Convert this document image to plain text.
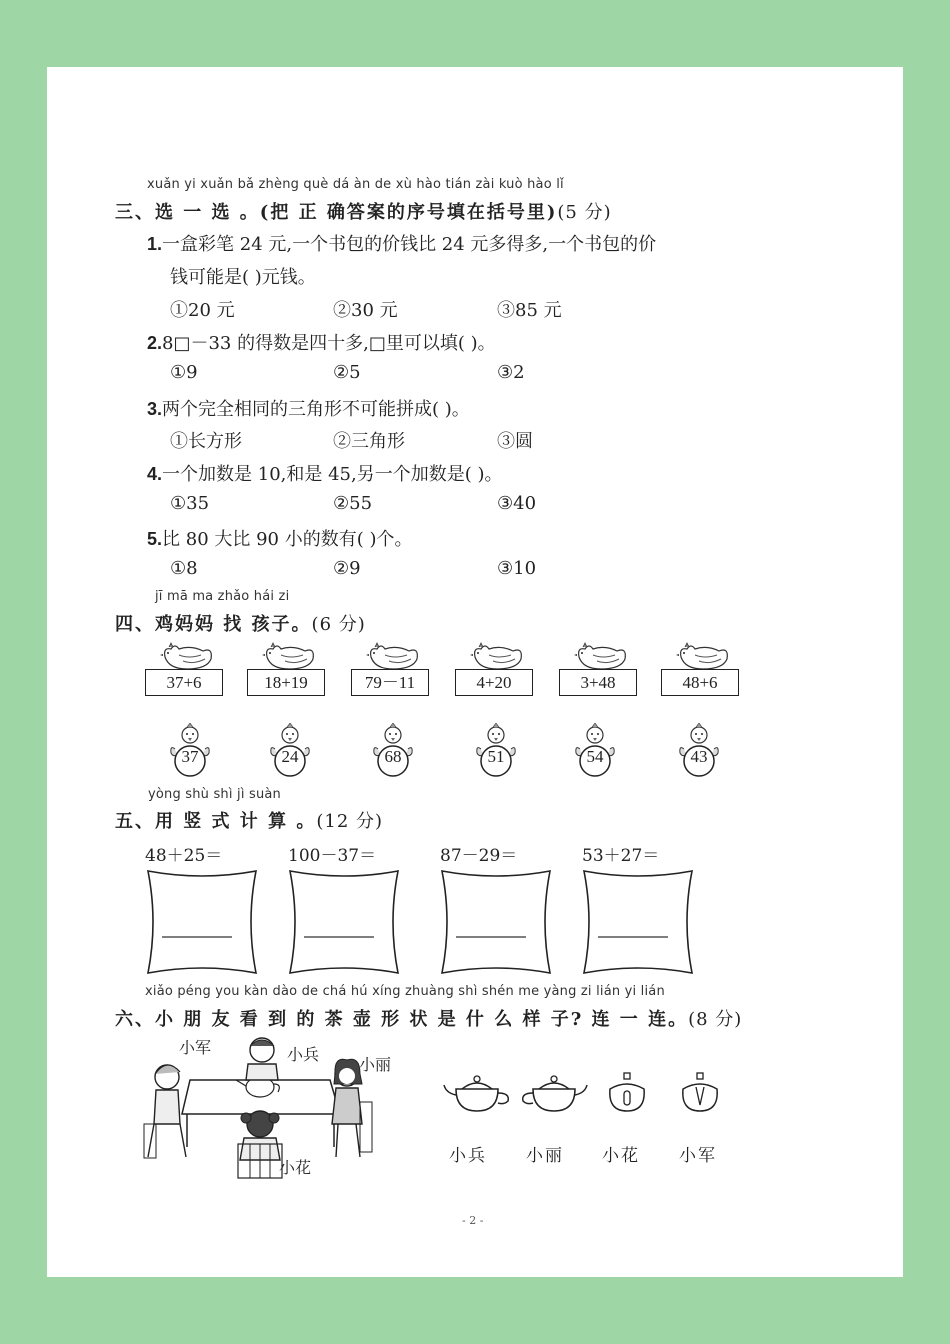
xuǎn yi xuǎn bǎ zhèng què dá àn de xù hào tián zài kuò hào lǐ
三、选 一 选 。(把 正 确答案的序号填在括号里)(5 分)
1.一盒彩笔 24 元,一个书包的价钱比 24 元多得多,一个书包的价
钱可能是( )元钱。
①20 元	②30 元	③85 元
2.8□－33 的得数是四十多,□里可以填( )。
①9	②5	③2
3.两个完全相同的三角形不可能拼成( )。
①长方形	②三角形	③圆
4.一个加数是 10,和是 45,另一个加数是( )。
①35	②55	③40
5.比 80 大比 90 小的数有( )个。
①8	②9	③10
jī mā ma zhǎo hái zi
四、鸡妈妈 找 孩子。(6 分)
37+6	18+19	79－11	4+20	3+48	48+6
37	24	68	51	54	43
yòng shù shì jì suàn
五、用 竖 式 计 算 。(12 分)
48＋25＝	100－37＝	87－29＝	53＋27＝
xiǎo péng you kàn dào de chá hú xíng zhuàng shì shén me yàng zi lián yi lián
六、小 朋 友 看 到 的 茶 壶 形 状 是 什 么 样 子? 连 一 连。(8 分)
小军	小兵
小丽
小花
小兵 小丽 小花 小军
- 2 -
